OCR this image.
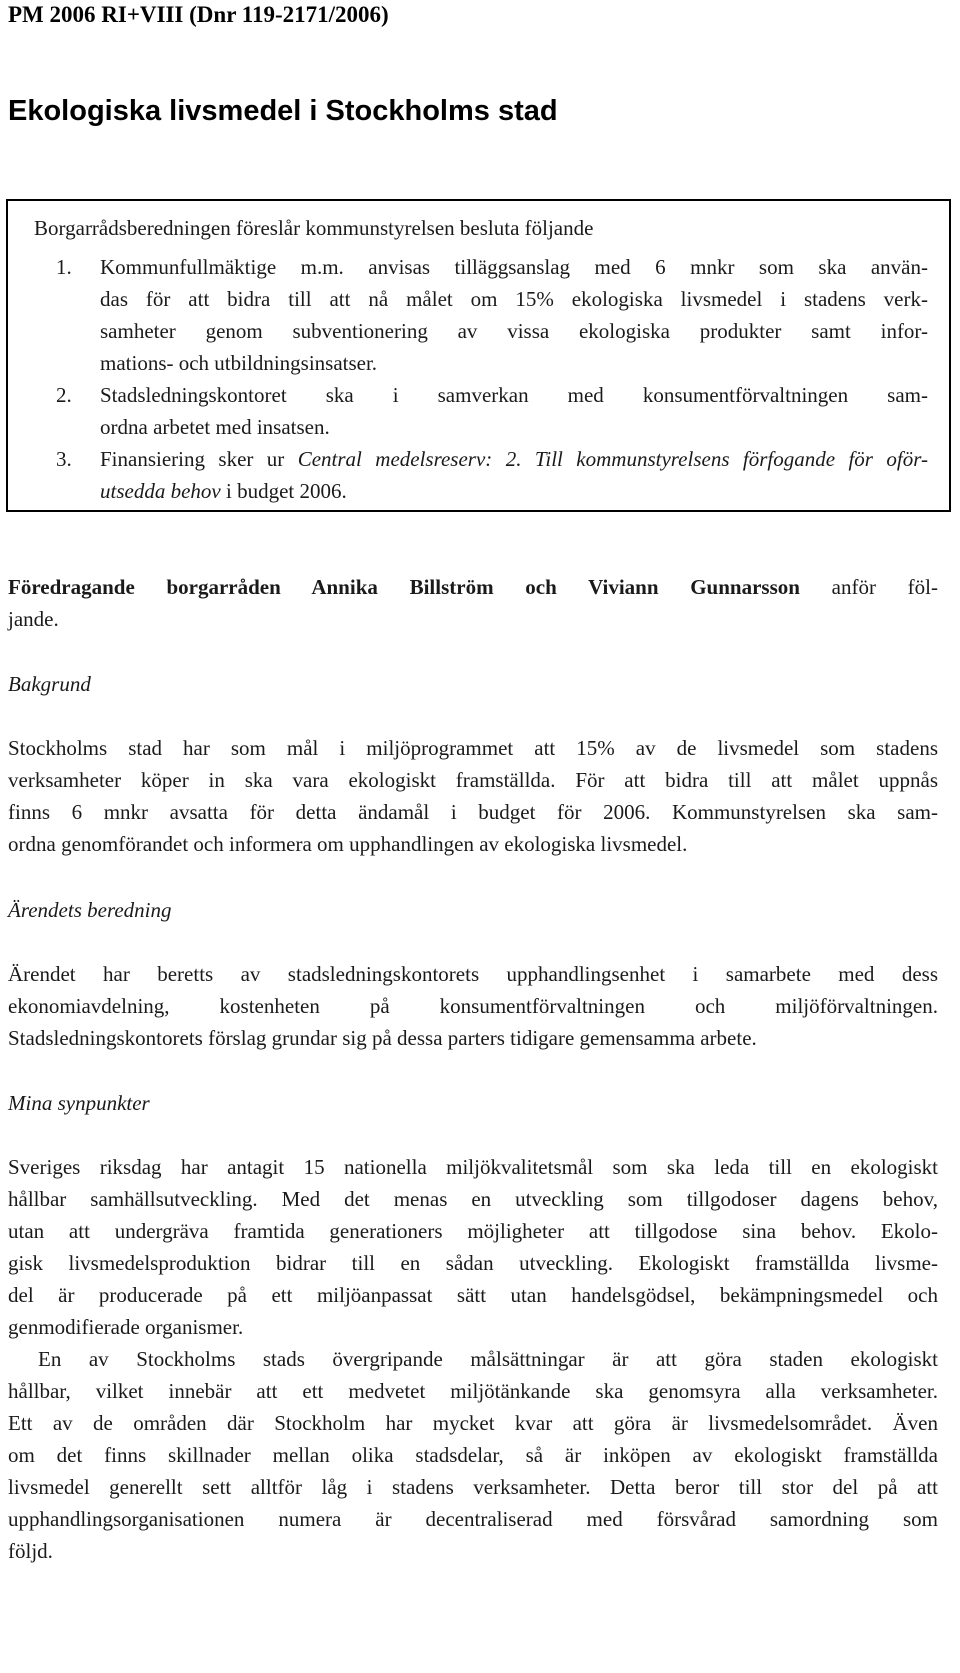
PM 2006 RI+VIII (Dnr 119-2171/2006)
Ekologiska livsmedel i Stockholms stad
Borgarrådsberedningen föreslår kommunstyrelsen besluta följande
1. Kommunfullmäktige m.m. anvisas tilläggsanslag med 6 mnkr som ska använ-
das för att bidra till att nå målet om 15% ekologiska livsmedel i stadens verk-
samheter genom subventionering av vissa ekologiska produkter samt infor-
mations- och utbildningsinsatser.
2. Stadsledningskontoret ska i samverkan med konsumentförvaltningen sam-
ordna arbetet med insatsen.
3. Finansiering sker ur Central medelsreserv: 2. Till kommunstyrelsens förfogande för oför-
utsedda behov i budget 2006.
Föredragande borgarråden Annika Billström och Viviann Gunnarsson anför föl-
jande.
Bakgrund
Stockholms stad har som mål i miljöprogrammet att 15% av de livsmedel som stadens
verksamheter köper in ska vara ekologiskt framställda. För att bidra till att målet uppnås
finns 6 mnkr avsatta för detta ändamål i budget för 2006. Kommunstyrelsen ska sam-
ordna genomförandet och informera om upphandlingen av ekologiska livsmedel.
Ärendets beredning
Ärendet har beretts av stadsledningskontorets upphandlingsenhet i samarbete med dess
ekonomiavdelning, kostenheten på konsumentförvaltningen och miljöförvaltningen.
Stadsledningskontorets förslag grundar sig på dessa parters tidigare gemensamma arbete.
Mina synpunkter
Sveriges riksdag har antagit 15 nationella miljökvalitetsmål som ska leda till en ekologiskt
hållbar samhällsutveckling. Med det menas en utveckling som tillgodoser dagens behov,
utan att undergräva framtida generationers möjligheter att tillgodose sina behov. Ekolo-
gisk livsmedelsproduktion bidrar till en sådan utveckling. Ekologiskt framställda livsme-
del är producerade på ett miljöanpassat sätt utan handelsgödsel, bekämpningsmedel och
genmodifierade organismer.
En av Stockholms stads övergripande målsättningar är att göra staden ekologiskt
hållbar, vilket innebär att ett medvetet miljötänkande ska genomsyra alla verksamheter.
Ett av de områden där Stockholm har mycket kvar att göra är livsmedelsområdet. Även
om det finns skillnader mellan olika stadsdelar, så är inköpen av ekologiskt framställda
livsmedel generellt sett alltför låg i stadens verksamheter. Detta beror till stor del på att
upphandlingsorganisationen numera är decentraliserad med försvårad samordning som
följd.
